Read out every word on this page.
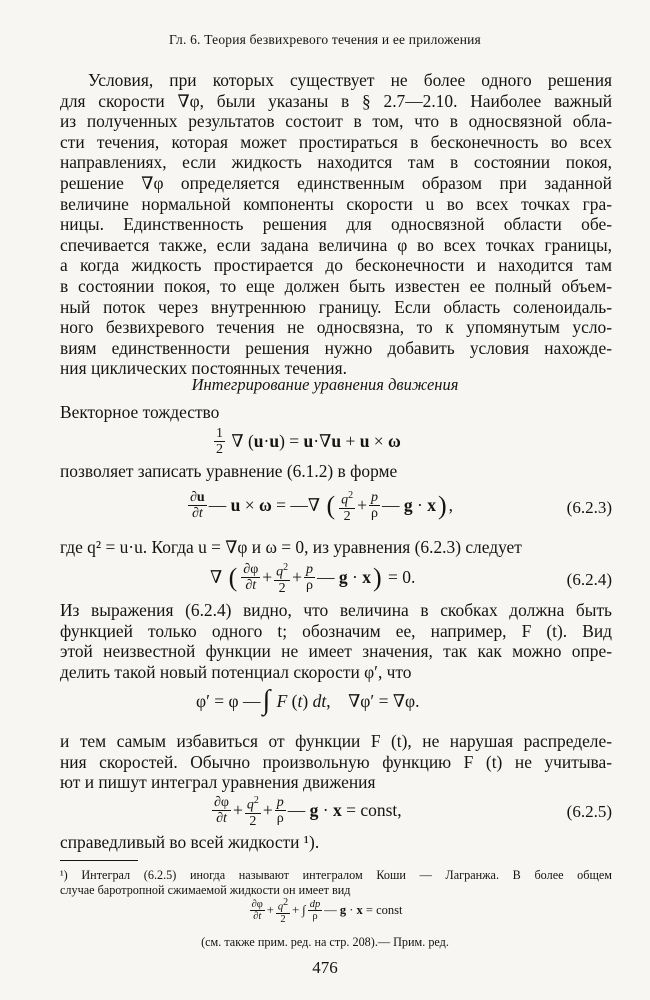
Гл. 6. Теория безвихревого течения и ее приложения
Условия, при которых существует не более одного решения
для скорости ∇φ, были указаны в § 2.7—2.10. Наиболее важный
из полученных результатов состоит в том, что в односвязной обла-
сти течения, которая может простираться в бесконечность во всех
направлениях, если жидкость находится там в состоянии покоя,
решение ∇φ определяется единственным образом при заданной
величине нормальной компоненты скорости u во всех точках гра-
ницы. Единственность решения для односвязной области обе-
спечивается также, если задана величина φ во всех точках границы,
а когда жидкость простирается до бесконечности и находится там
в состоянии покоя, то еще должен быть известен ее полный объем-
ный поток через внутреннюю границу. Если область соленоидаль-
ного безвихревого течения не односвязна, то к упомянутым усло-
виям единственности решения нужно добавить условия нахожде-
ния циклических постоянных течения.
Интегрирование уравнения движения
Векторное тождество
$\frac{1}{2}$ ∇ (u·u) = u·∇u + u × ω
позволяет записать уравнение (6.1.2) в форме
$\frac{\partial u}{\partial t}$ — u × ω = —∇ ( $\frac{q^2}{2} + \frac{p}{\rho}$ — g · x ) ,	(6.2.3)
где q² = u·u. Когда u = ∇φ и ω = 0, из уравнения (6.2.3) следует
∇ ( $\frac{\partial\varphi}{\partial t} + \frac{q^2}{2} + \frac{p}{\rho}$ — g · x ) = 0.	(6.2.4)
Из выражения (6.2.4) видно, что величина в скобках должна быть
функцией только одного t; обозначим ее, например, F (t). Вид
этой неизвестной функции не имеет значения, так как можно опре-
делить такой новый потенциал скорости φ′, что
φ′ = φ — ∫ F (t) dt,    ∇φ′ = ∇φ.
и тем самым избавиться от функции F (t), не нарушая распределе-
ния скоростей. Обычно произвольную функцию F (t) не учитыва-
ют и пишут интеграл уравнения движения
$\frac{\partial\varphi}{\partial t} + \frac{q^2}{2} + \frac{p}{\rho}$ — g · x = const,	(6.2.5)
справедливый во всей жидкости ¹).
¹) Интеграл (6.2.5) иногда называют интегралом Коши — Лагранжа. В более общем
случае баротропной сжимаемой жидкости он имеет вид
$\frac{\partial\varphi}{\partial t} + \frac{q^2}{2}$ + ∫ $\frac{dp}{\rho}$ — g · x = const
(см. также прим. ред. на стр. 208).— Прим. ред.
476
